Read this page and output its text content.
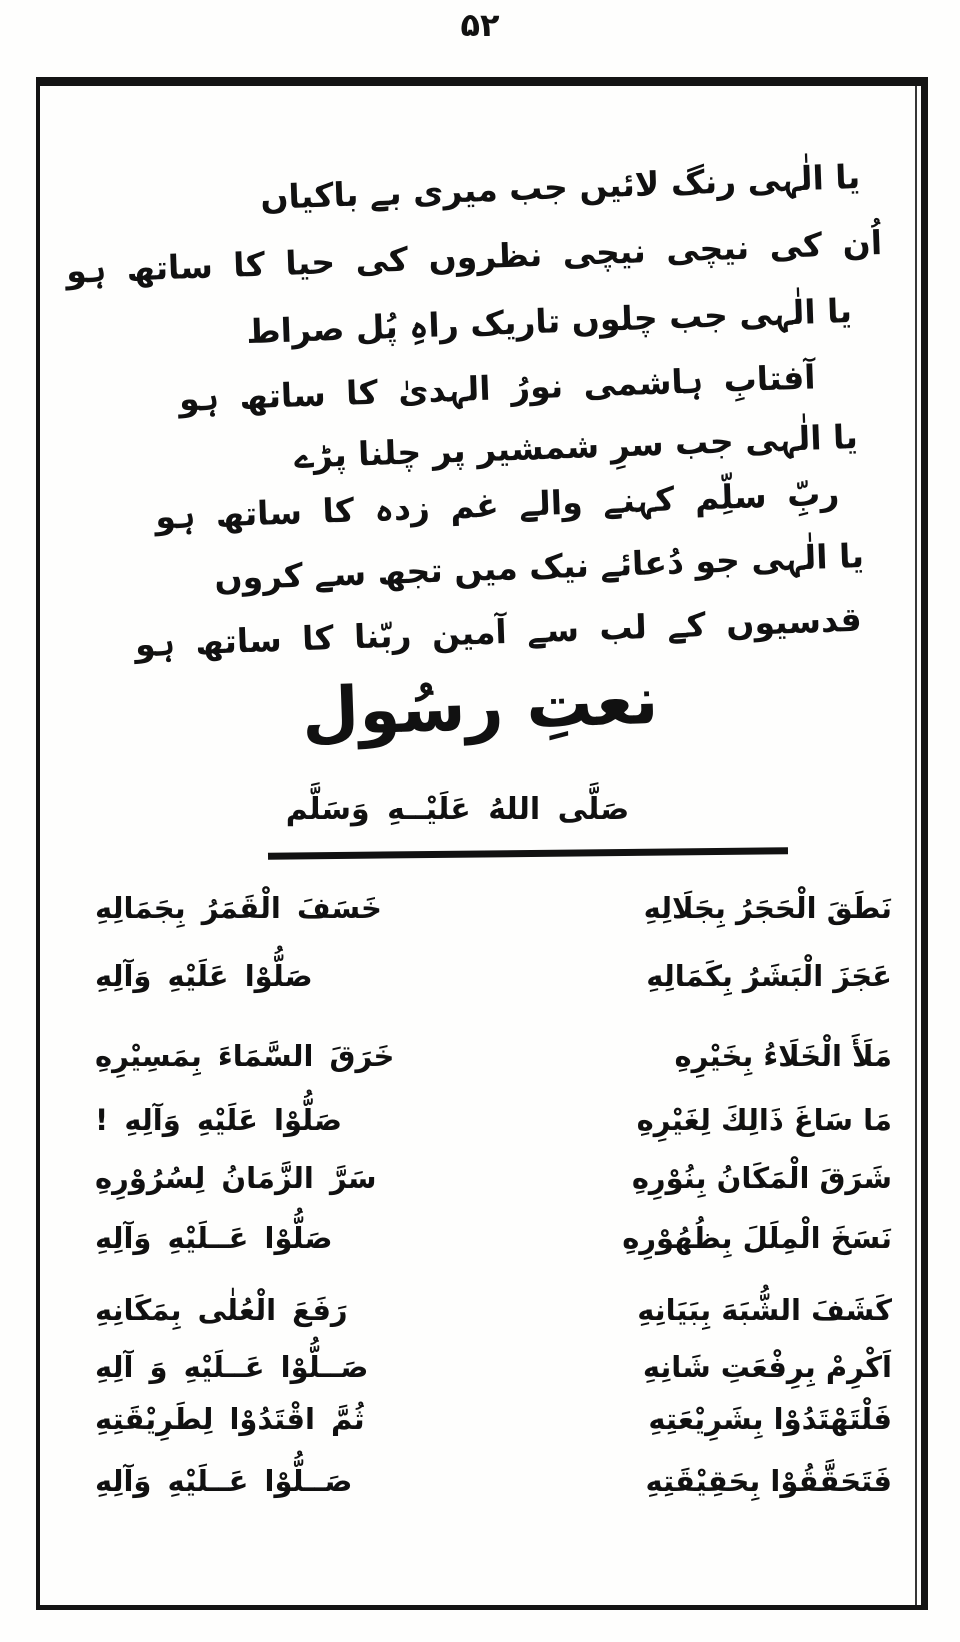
۵۲
یا الٰہی رنگ لائیں جب میری بے باکیاں
اُن کی نیچی نیچی نظروں کی حیا کا ساتھ ہو
یا الٰہی جب چلوں تاریک راہِ پُل صراط
آفتابِ ہاشمی نورُ الہدیٰ کا ساتھ ہو
یا الٰہی جب سرِ شمشیر پر چلنا پڑے
ربِّ سلِّم کہنے والے غم زدہ کا ساتھ ہو
یا الٰہی جو دُعائے نیک میں تجھ سے کروں
قدسیوں کے لب سے آمین ربّنا کا ساتھ ہو
نعتِ رسُول
صَلَّى اللهُ عَلَيْــهِ وَسَلَّم
نَطَقَ الْحَجَرُ بِجَلَالِهِ
خَسَفَ الْقَمَرُ بِجَمَالِهِ
عَجَزَ الْبَشَرُ بِكَمَالِهِ
صَلُّوْا عَلَيْهِ وَآلِهِ
مَلَأَ الْخَلَاءُ بِخَيْرِهِ
خَرَقَ السَّمَاءَ بِمَسِيْرِهِ
مَا سَاغَ ذَالِكَ لِغَيْرِهِ
صَلُّوْا عَلَيْهِ وَآلِهِ !
شَرَقَ الْمَكَانُ بِنُوْرِهِ
سَرَّ الزَّمَانُ لِسُرُوْرِهِ
نَسَخَ الْمِلَلَ بِظُهُوْرِهِ
صَلُّوْا عَــلَيْهِ وَآلِهِ
كَشَفَ الشُّبَهَ بِبَيَانِهِ
رَفَعَ الْعُلٰى بِمَكَانِهِ
اَكْرِمْ بِرِفْعَتِ شَانِهِ
صَــلُّوْا عَــلَيْهِ وَ آلِهِ
فَلْتَهْتَدُوْا بِشَرِيْعَتِهِ
ثُمَّ اقْتَدُوْا لِطَرِيْقَتِهِ
فَتَحَقَّقُوْا بِحَقِيْقَتِهِ
صَــلُّوْا عَــلَيْهِ وَآلِهِ
